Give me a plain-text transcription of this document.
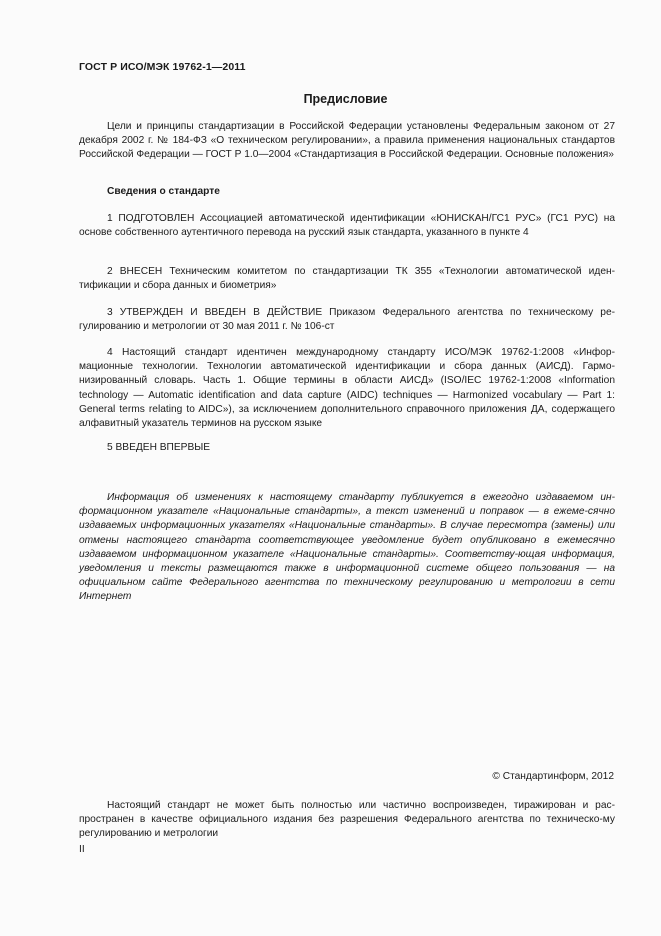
ГОСТ Р ИСО/МЭК 19762-1—2011
Предисловие
Цели и принципы стандартизации в Российской Федерации установлены Федеральным законом от 27 декабря 2002 г. № 184-ФЗ «О техническом регулировании», а правила применения национальных стандартов Российской Федерации — ГОСТ Р 1.0—2004 «Стандартизация в Российской Федерации. Основные положения»
Сведения о стандарте
1 ПОДГОТОВЛЕН Ассоциацией автоматической идентификации «ЮНИСКАН/ГС1 РУС» (ГС1 РУС) на основе собственного аутентичного перевода на русский язык стандарта, указанного в пункте 4
2 ВНЕСЕН Техническим комитетом по стандартизации ТК 355 «Технологии автоматической иден-тификации и сбора данных и биометрия»
3 УТВЕРЖДЕН И ВВЕДЕН В ДЕЙСТВИЕ Приказом Федерального агентства по техническому ре-гулированию и метрологии от 30 мая 2011 г. № 106-ст
4 Настоящий стандарт идентичен международному стандарту ИСО/МЭК 19762-1:2008 «Инфор-мационные технологии. Технологии автоматической идентификации и сбора данных (АИСД). Гармо-низированный словарь. Часть 1. Общие термины в области АИСД» (ISO/IEC 19762-1:2008 «Information technology — Automatic identification and data capture (AIDC) techniques — Harmonized vocabulary — Part 1: General terms relating to AIDC»), за исключением дополнительного справочного приложения ДА, содержащего алфавитный указатель терминов на русском языке
5 ВВЕДЕН ВПЕРВЫЕ
Информация об изменениях к настоящему стандарту публикуется в ежегодно издаваемом ин-формационном указателе «Национальные стандарты», а текст изменений и поправок — в ежеме-сячно издаваемых информационных указателях «Национальные стандарты». В случае пересмотра (замены) или отмены настоящего стандарта соответствующее уведомление будет опубликовано в ежемесячно издаваемом информационном указателе «Национальные стандарты». Соответству-ющая информация, уведомления и тексты размещаются также в информационной системе общего пользования — на официальном сайте Федерального агентства по техническому регулированию и метрологии в сети Интернет
© Стандартинформ, 2012
Настоящий стандарт не может быть полностью или частично воспроизведен, тиражирован и рас-пространен в качестве официального издания без разрешения Федерального агентства по техническо-му регулированию и метрологии
II
